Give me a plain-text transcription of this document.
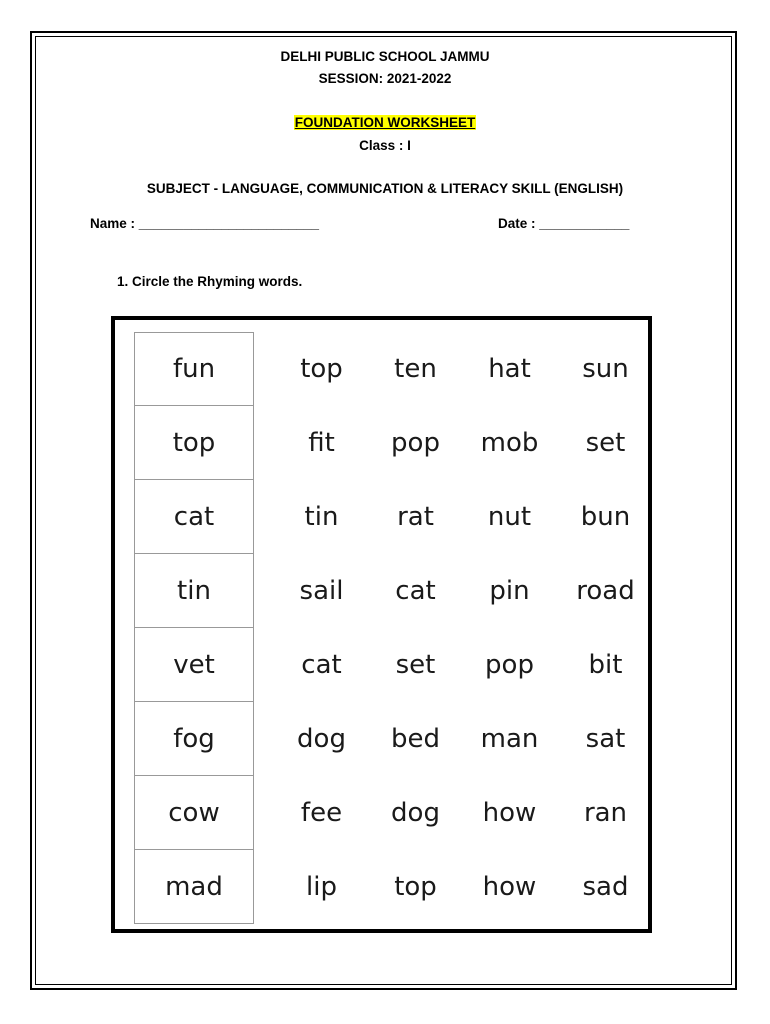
DELHI PUBLIC SCHOOL JAMMU
SESSION: 2021-2022
FOUNDATION WORKSHEET
Class : I
SUBJECT - LANGUAGE, COMMUNICATION & LITERACY SKILL (ENGLISH)
Name : ________________________	Date : ____________
1. Circle the Rhyming words.
fun	top	ten	hat	sun
top	fit	pop	mob	set
cat	tin	rat	nut	bun
tin	sail	cat	pin	road
vet	cat	set	pop	bit
fog	dog	bed	man	sat
cow	fee	dog	how	ran
mad	lip	top	how	sad
